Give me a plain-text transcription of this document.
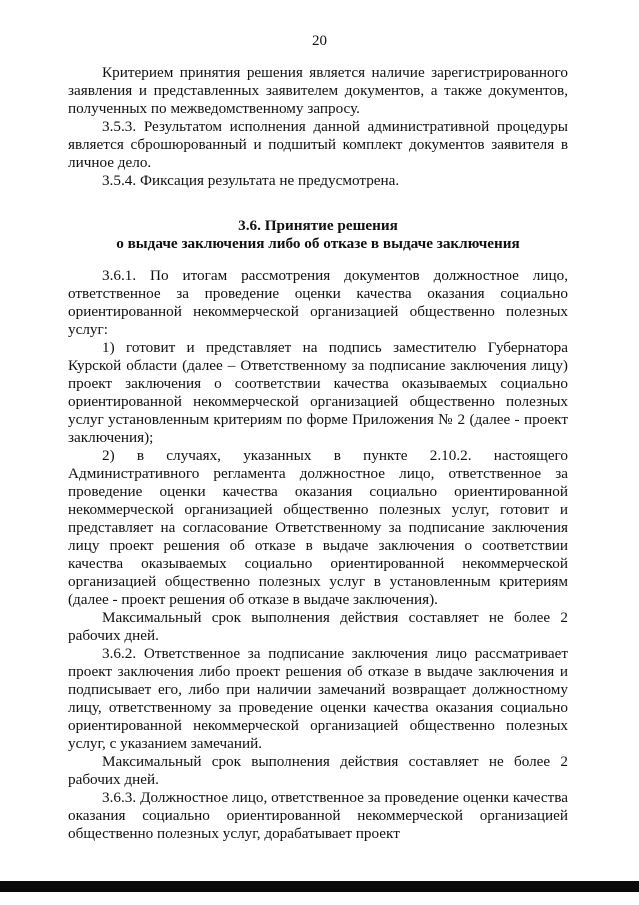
20

Критерием принятия решения является наличие зарегистрированного заявления и представленных заявителем документов, а также документов, полученных по межведомственному запросу.

3.5.3. Результатом исполнения данной административной процедуры является сброшюрованный и подшитый комплект документов заявителя в личное дело.

3.5.4. Фиксация результата не предусмотрена.

3.6. Принятие решения
о выдаче заключения либо об отказе в выдаче заключения

3.6.1. По итогам рассмотрения документов должностное лицо, ответственное за проведение оценки качества оказания социально ориентированной некоммерческой организацией общественно полезных услуг:

1) готовит и представляет на подпись заместителю Губернатора Курской области (далее – Ответственному за подписание заключения лицу) проект заключения о соответствии качества оказываемых социально ориентированной некоммерческой организацией общественно полезных услуг установленным критериям по форме Приложения № 2 (далее - проект заключения);

2) в случаях, указанных в пункте 2.10.2. настоящего Административного регламента должностное лицо, ответственное за проведение оценки качества оказания социально ориентированной некоммерческой организацией общественно полезных услуг, готовит и представляет на согласование Ответственному за подписание заключения лицу проект решения об отказе в выдаче заключения о соответствии качества оказываемых социально ориентированной некоммерческой организацией общественно полезных услуг в установленным критериям (далее - проект решения об отказе в выдаче заключения).

Максимальный срок выполнения действия составляет не более 2 рабочих дней.

3.6.2. Ответственное за подписание заключения лицо рассматривает проект заключения либо проект решения об отказе в выдаче заключения и подписывает его, либо при наличии замечаний возвращает должностному лицу, ответственному за проведение оценки качества оказания социально ориентированной некоммерческой организацией общественно полезных услуг, с указанием замечаний.

Максимальный срок выполнения действия составляет не более 2 рабочих дней.

3.6.3. Должностное лицо, ответственное за проведение оценки качества оказания социально ориентированной некоммерческой организацией общественно полезных услуг, дорабатывает проект
